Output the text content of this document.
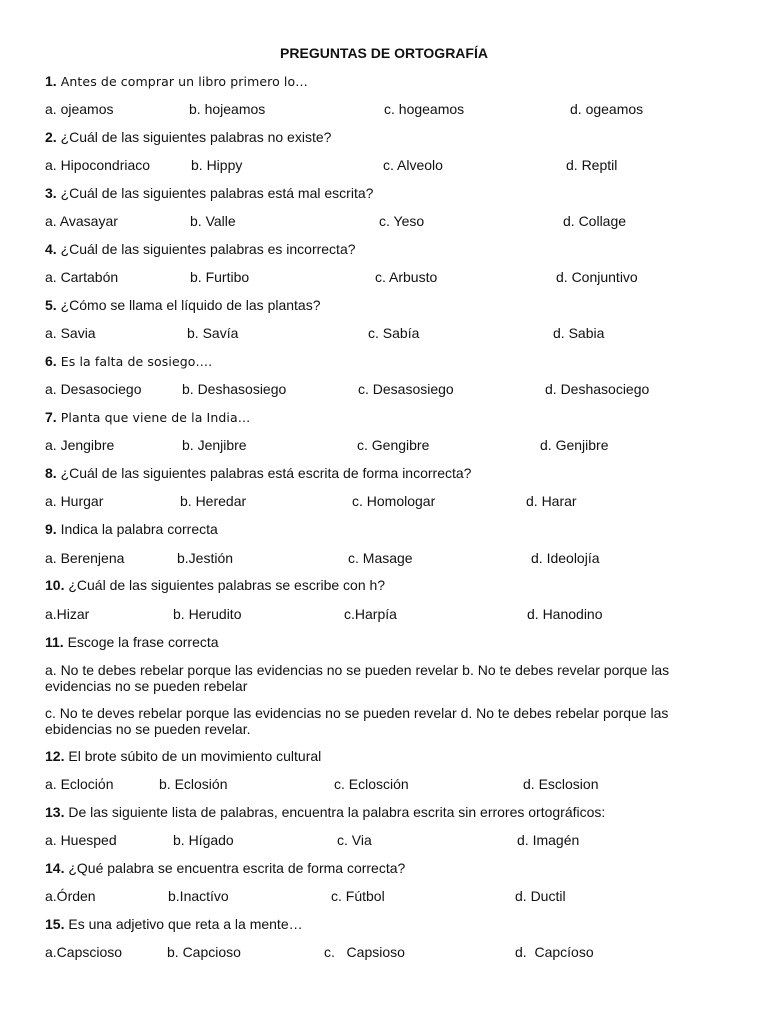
PREGUNTAS DE ORTOGRAFÍA
1. Antes de comprar un libro primero lo…
a. ojeamos	b. hojeamos	c. hogeamos	d. ogeamos
2. ¿Cuál de las siguientes palabras no existe?
a. Hipocondriaco	b. Hippy	c. Alveolo	d. Reptil
3. ¿Cuál de las siguientes palabras está mal escrita?
a. Avasayar	b. Valle	c. Yeso	d. Collage
4. ¿Cuál de las siguientes palabras es incorrecta?
a. Cartabón	b. Furtibo	c. Arbusto	d. Conjuntivo
5. ¿Cómo se llama el líquido de las plantas?
a. Savia	b. Savía	c. Sabía	d. Sabia
6. Es la falta de sosiego….
a. Desasociego	b. Deshasosiego	c. Desasosiego	d. Deshasociego
7. Planta que viene de la India…
a. Jengibre	b. Jenjibre	c. Gengibre	d. Genjibre
8. ¿Cuál de las siguientes palabras está escrita de forma incorrecta?
a. Hurgar	b. Heredar	c. Homologar	d. Harar
9. Indica la palabra correcta
a. Berenjena	b.Jestión	c. Masage	d. Ideolojía
10. ¿Cuál de las siguientes palabras se escribe con h?
a.Hizar	b. Herudito	c.Harpía	d. Hanodino
11. Escoge la frase correcta
a. No te debes rebelar porque las evidencias no se pueden revelar b. No te debes revelar porque las evidencias no se pueden rebelar
c. No te deves rebelar porque las evidencias no se pueden revelar d. No te debes rebelar porque las ebidencias no se pueden revelar.
12. El brote súbito de un movimiento cultural
a. Eclociόn	b. Eclosión	c. Eclosción	d. Esclosion
13. De las siguiente lista de palabras, encuentra la palabra escrita sin errores ortográficos:
a. Huesped	b. Hígado	c. Via	d. Imagén
14. ¿Qué palabra se encuentra escrita de forma correcta?
a.Órden	b.Inactívo	c. Fútbol	d. Ductil
15. Es una adjetivo que reta a la mente…
a.Capscioso	b. Capcioso	c.   Capsioso	d.  Capcíoso
